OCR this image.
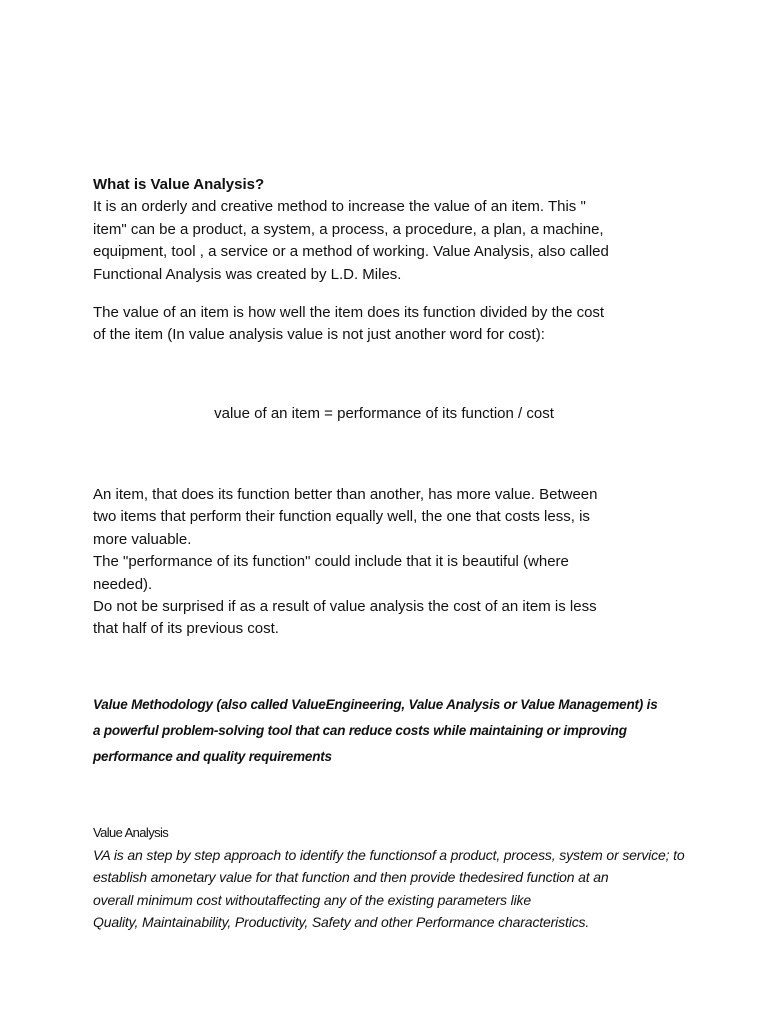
What is Value Analysis?

It is an orderly and creative method to increase the value of an item. This "

item" can be a product, a system, a process, a procedure, a plan, a machine,

equipment, tool , a service or a method of working. Value Analysis, also called

Functional Analysis was created by L.D. Miles.

The value of an item is how well the item does its function divided by the cost

of the item (In value analysis value is not just another word for cost):

value of an item = performance of its function / cost

An item, that does its function better than another, has more value. Between

two items that perform their function equally well, the one that costs less, is

more valuable.

The "performance of its function" could include that it is beautiful (where

needed).

Do not be surprised if as a result of value analysis the cost of an item is less

that half of its previous cost.

Value Methodology (also called ValueEngineering, Value Analysis or Value Management) is

a powerful problem-solving tool that can reduce costs while maintaining or improving

performance and quality requirements

Value Analysis

VA is an step by step approach to identify the functionsof a product, process, system or service; to

establish amonetary value for that function and then provide thedesired function at an

overall minimum cost withoutaffecting any of the existing parameters like

Quality, Maintainability, Productivity, Safety and other Performance characteristics.
